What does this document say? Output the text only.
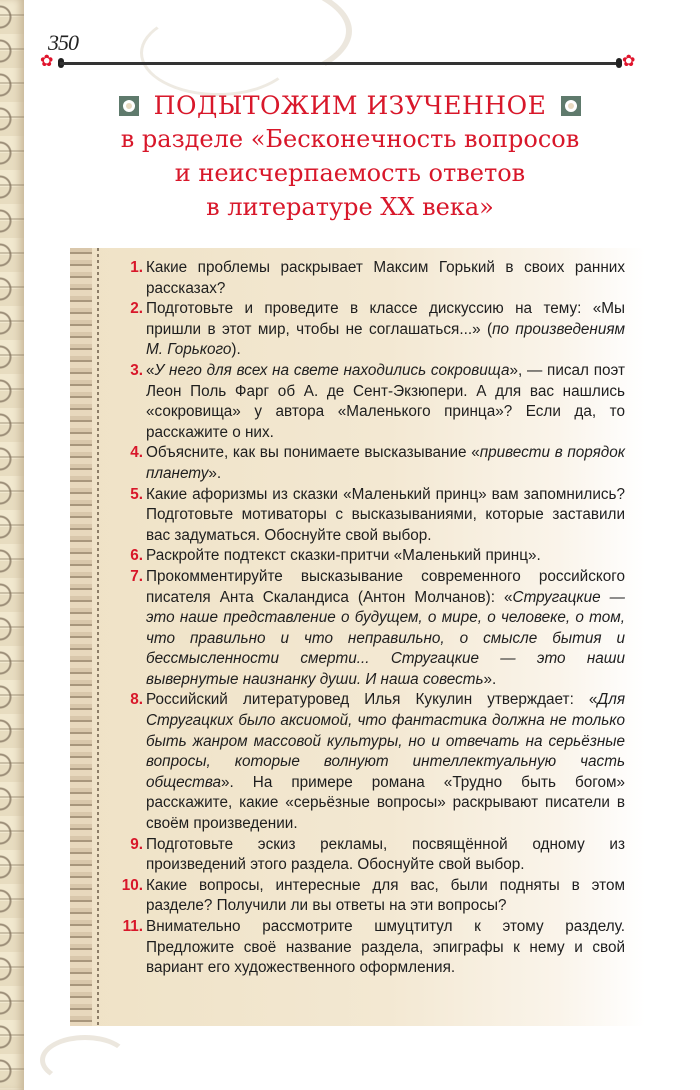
350
✿	✿
ПОДЫТОЖИМ ИЗУЧЕННОЕ
в разделе «Бесконечность вопросов
и неисчерпаемость ответов
в литературе XX века»
1. Какие проблемы раскрывает Максим Горький в своих ранних рассказах?
2. Подготовьте и проведите в классе дискуссию на тему: «Мы пришли в этот мир, чтобы не соглашаться...» (по произведениям М. Горького).
3. «У него для всех на свете находились сокровища», — писал поэт Леон Поль Фарг об А. де Сент-Экзюпери. А для вас нашлись «сокровища» у автора «Маленького принца»? Если да, то расскажите о них.
4. Объясните, как вы понимаете высказывание «привести в порядок планету».
5. Какие афоризмы из сказки «Маленький принц» вам запомнились? Подготовьте мотиваторы с высказываниями, которые заставили вас задуматься. Обоснуйте свой выбор.
6. Раскройте подтекст сказки-притчи «Маленький принц».
7. Прокомментируйте высказывание современного российского писателя Анта Скаландиса (Антон Молчанов): «Стругацкие — это наше представление о будущем, о мире, о человеке, о том, что правильно и что неправильно, о смысле бытия и бессмысленности смерти... Стругацкие — это наши вывернутые наизнанку души. И наша совесть».
8. Российский литературовед Илья Кукулин утверждает: «Для Стругацких было аксиомой, что фантастика должна не только быть жанром массовой культуры, но и отвечать на серьёзные вопросы, которые волнуют интеллектуальную часть общества». На примере романа «Трудно быть богом» расскажите, какие «серьёзные вопросы» раскрывают писатели в своём произведении.
9. Подготовьте эскиз рекламы, посвящённой одному из произведений этого раздела. Обоснуйте свой выбор.
10. Какие вопросы, интересные для вас, были подняты в этом разделе? Получили ли вы ответы на эти вопросы?
11. Внимательно рассмотрите шмуцтитул к этому разделу. Предложите своё название раздела, эпиграфы к нему и свой вариант его художественного оформления.
